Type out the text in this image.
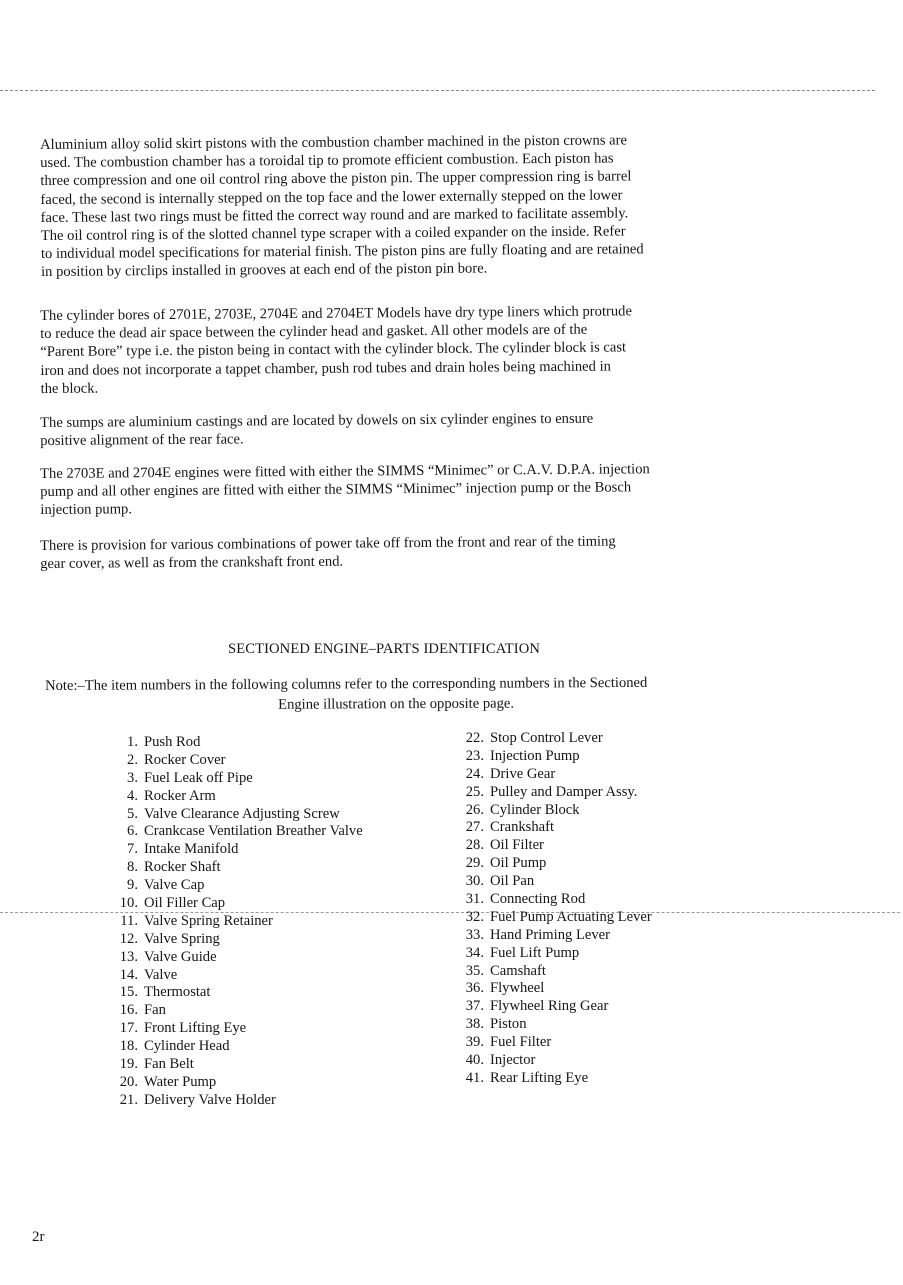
Aluminium alloy solid skirt pistons with the combustion chamber machined in the piston crowns are
used. The combustion chamber has a toroidal tip to promote efficient combustion. Each piston has
three compression and one oil control ring above the piston pin. The upper compression ring is barrel
faced, the second is internally stepped on the top face and the lower externally stepped on the lower
face. These last two rings must be fitted the correct way round and are marked to facilitate assembly.
The oil control ring is of the slotted channel type scraper with a coiled expander on the inside. Refer
to individual model specifications for material finish. The piston pins are fully floating and are retained
in position by circlips installed in grooves at each end of the piston pin bore.
The cylinder bores of 2701E, 2703E, 2704E and 2704ET Models have dry type liners which protrude
to reduce the dead air space between the cylinder head and gasket. All other models are of the
“Parent Bore” type i.e. the piston being in contact with the cylinder block. The cylinder block is cast
iron and does not incorporate a tappet chamber, push rod tubes and drain holes being machined in
the block.
The sumps are aluminium castings and are located by dowels on six cylinder engines to ensure
positive alignment of the rear face.
The 2703E and 2704E engines were fitted with either the SIMMS “Minimec” or C.A.V. D.P.A. injection
pump and all other engines are fitted with either the SIMMS “Minimec” injection pump or the Bosch
injection pump.
There is provision for various combinations of power take off from the front and rear of the timing
gear cover, as well as from the crankshaft front end.
SECTIONED ENGINE–PARTS IDENTIFICATION
Note:–The item numbers in the following columns refer to the corresponding numbers in the Sectioned
Engine illustration on the opposite page.
1. Push Rod
2. Rocker Cover
3. Fuel Leak off Pipe
4. Rocker Arm
5. Valve Clearance Adjusting Screw
6. Crankcase Ventilation Breather Valve
7. Intake Manifold
8. Rocker Shaft
9. Valve Cap
10. Oil Filler Cap
11. Valve Spring Retainer
12. Valve Spring
13. Valve Guide
14. Valve
15. Thermostat
16. Fan
17. Front Lifting Eye
18. Cylinder Head
19. Fan Belt
20. Water Pump
21. Delivery Valve Holder
22. Stop Control Lever
23. Injection Pump
24. Drive Gear
25. Pulley and Damper Assy.
26. Cylinder Block
27. Crankshaft
28. Oil Filter
29. Oil Pump
30. Oil Pan
31. Connecting Rod
32. Fuel Pump Actuating Lever
33. Hand Priming Lever
34. Fuel Lift Pump
35. Camshaft
36. Flywheel
37. Flywheel Ring Gear
38. Piston
39. Fuel Filter
40. Injector
41. Rear Lifting Eye
2r
